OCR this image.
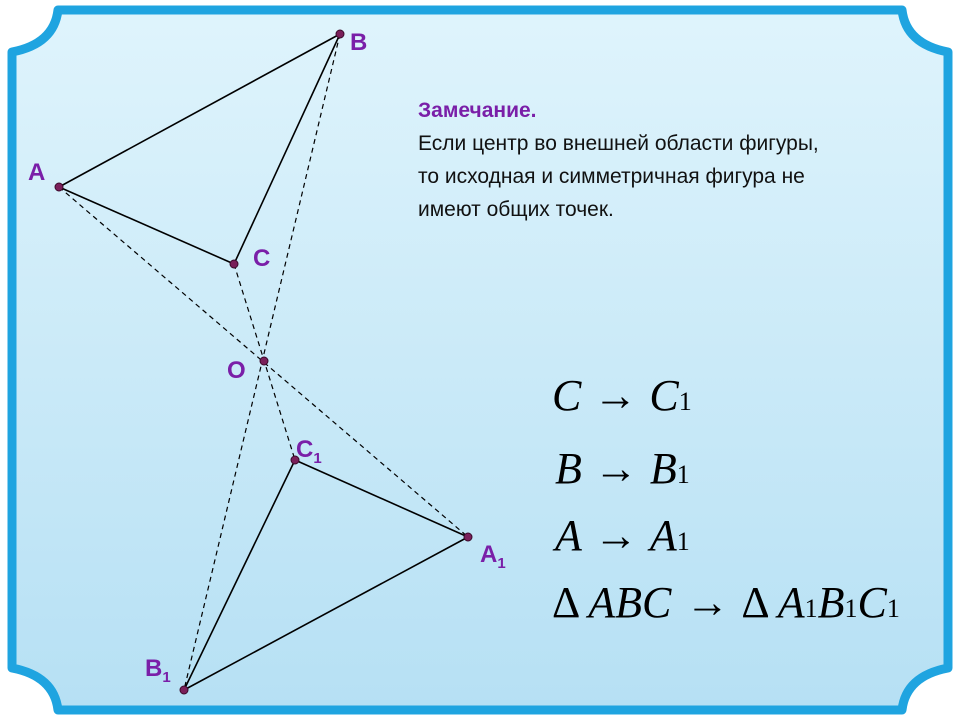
A
B
C
O
$C_1$
$A_1$
$B_1$
C → C1
B → B1
A → A1
Δ ABC → Δ A1B1C1
Замечание.
Если центр во внешней области фигуры,
то исходная и симметричная фигура не
имеют общих точек.
